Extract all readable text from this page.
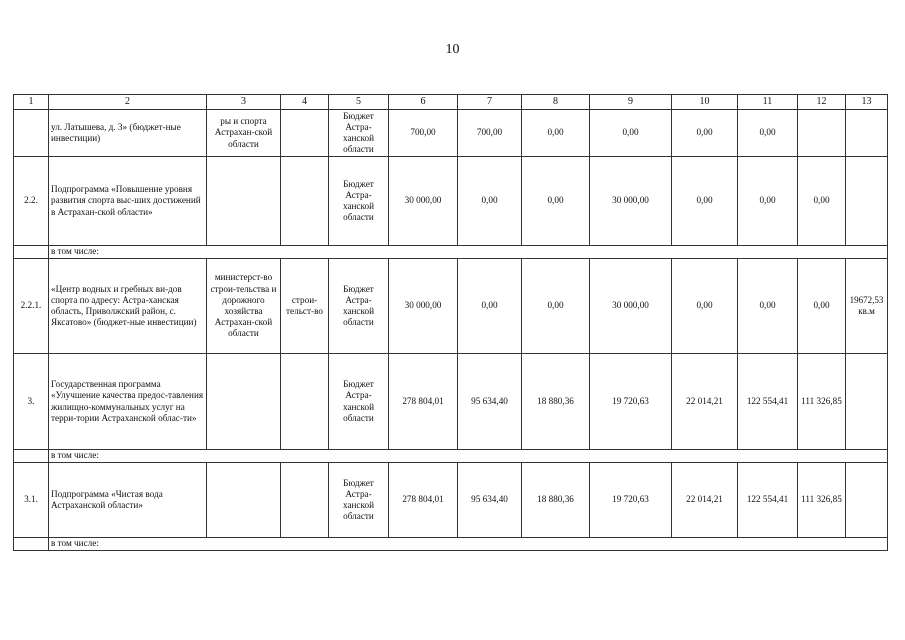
10
1	2	3	4	5	6	7	8	9	10	11	12	13
	ул. Латышева, д. 3» (бюджет-ные инвестиции)	ры и спорта Астрахан-ской области		Бюджет Астра-ханской области	700,00	700,00	0,00	0,00	0,00	0,00		
2.2.	Подпрограмма «Повышение уровня развития спорта выс-ших достижений в Астрахан-ской области»			Бюджет Астра-ханской области	30 000,00	0,00	0,00	30 000,00	0,00	0,00	0,00	
	в том числе:											
2.2.1.	«Центр водных и гребных ви-дов спорта по адресу: Астра-ханская область, Приволжский район, с. Яксатово» (бюджет-ные инвестиции)	министерст-во строи-тельства и дорожного хозяйства Астрахан-ской области	строи-тельст-во	Бюджет Астра-ханской области	30 000,00	0,00	0,00	30 000,00	0,00	0,00	0,00	19672,53 кв.м
3.	Государственная программа «Улучшение качества предос-тавления жилищно-коммунальных услуг на терри-тории Астраханской облас-ти»			Бюджет Астра-ханской области	278 804,01	95 634,40	18 880,36	19 720,63	22 014,21	122 554,41	111 326,85	
	в том числе:											
3.1.	Подпрограмма «Чистая вода Астраханской области»			Бюджет Астра-ханской области	278 804,01	95 634,40	18 880,36	19 720,63	22 014,21	122 554,41	111 326,85	
	в том числе:											
